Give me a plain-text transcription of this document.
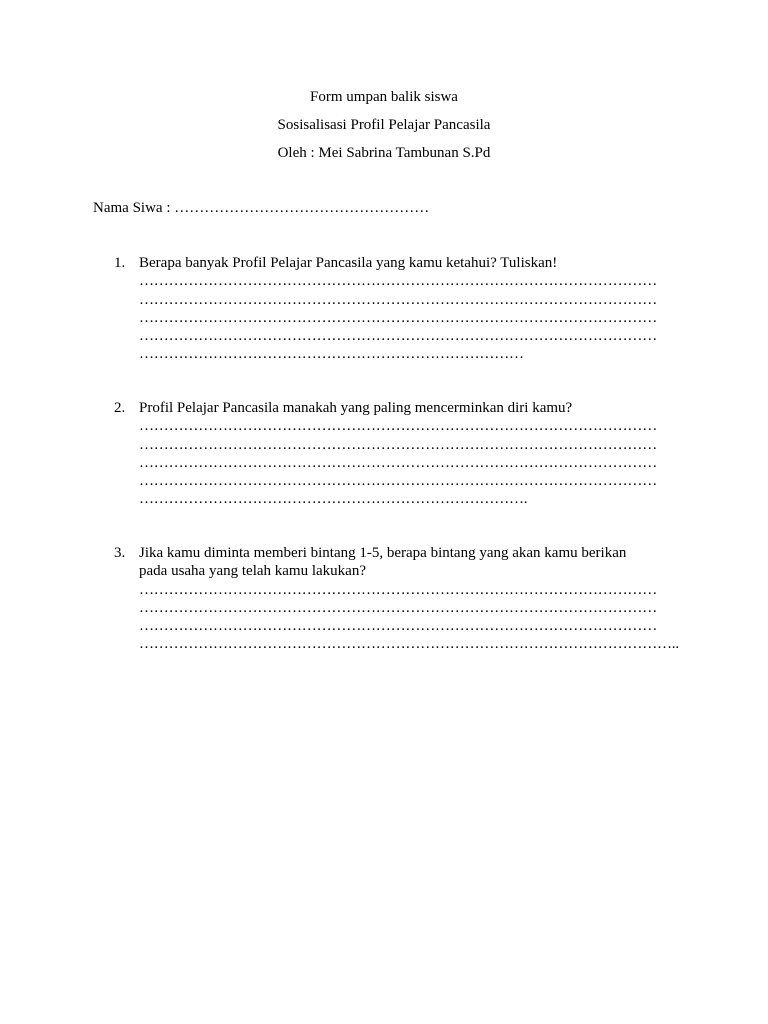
Form umpan balik siswa
Sosisalisasi Profil Pelajar Pancasila
Oleh : Mei Sabrina Tambunan S.Pd
Nama Siwa : ……………………………………………
1. Berapa banyak Profil Pelajar Pancasila yang kamu ketahui? Tuliskan!
……………………………………………………………………………………………
……………………………………………………………………………………………
……………………………………………………………………………………………
……………………………………………………………………………………………
……………………………………………………………………
2. Profil Pelajar Pancasila manakah yang paling mencerminkan diri kamu?
……………………………………………………………………………………………
……………………………………………………………………………………………
……………………………………………………………………………………………
……………………………………………………………………………………………
…………………………………………………………………….
3. Jika kamu diminta memberi bintang 1-5, berapa bintang yang akan kamu berikan
pada usaha yang telah kamu lakukan?
……………………………………………………………………………………………
……………………………………………………………………………………………
……………………………………………………………………………………………
………………………………………………………………………………………………..
